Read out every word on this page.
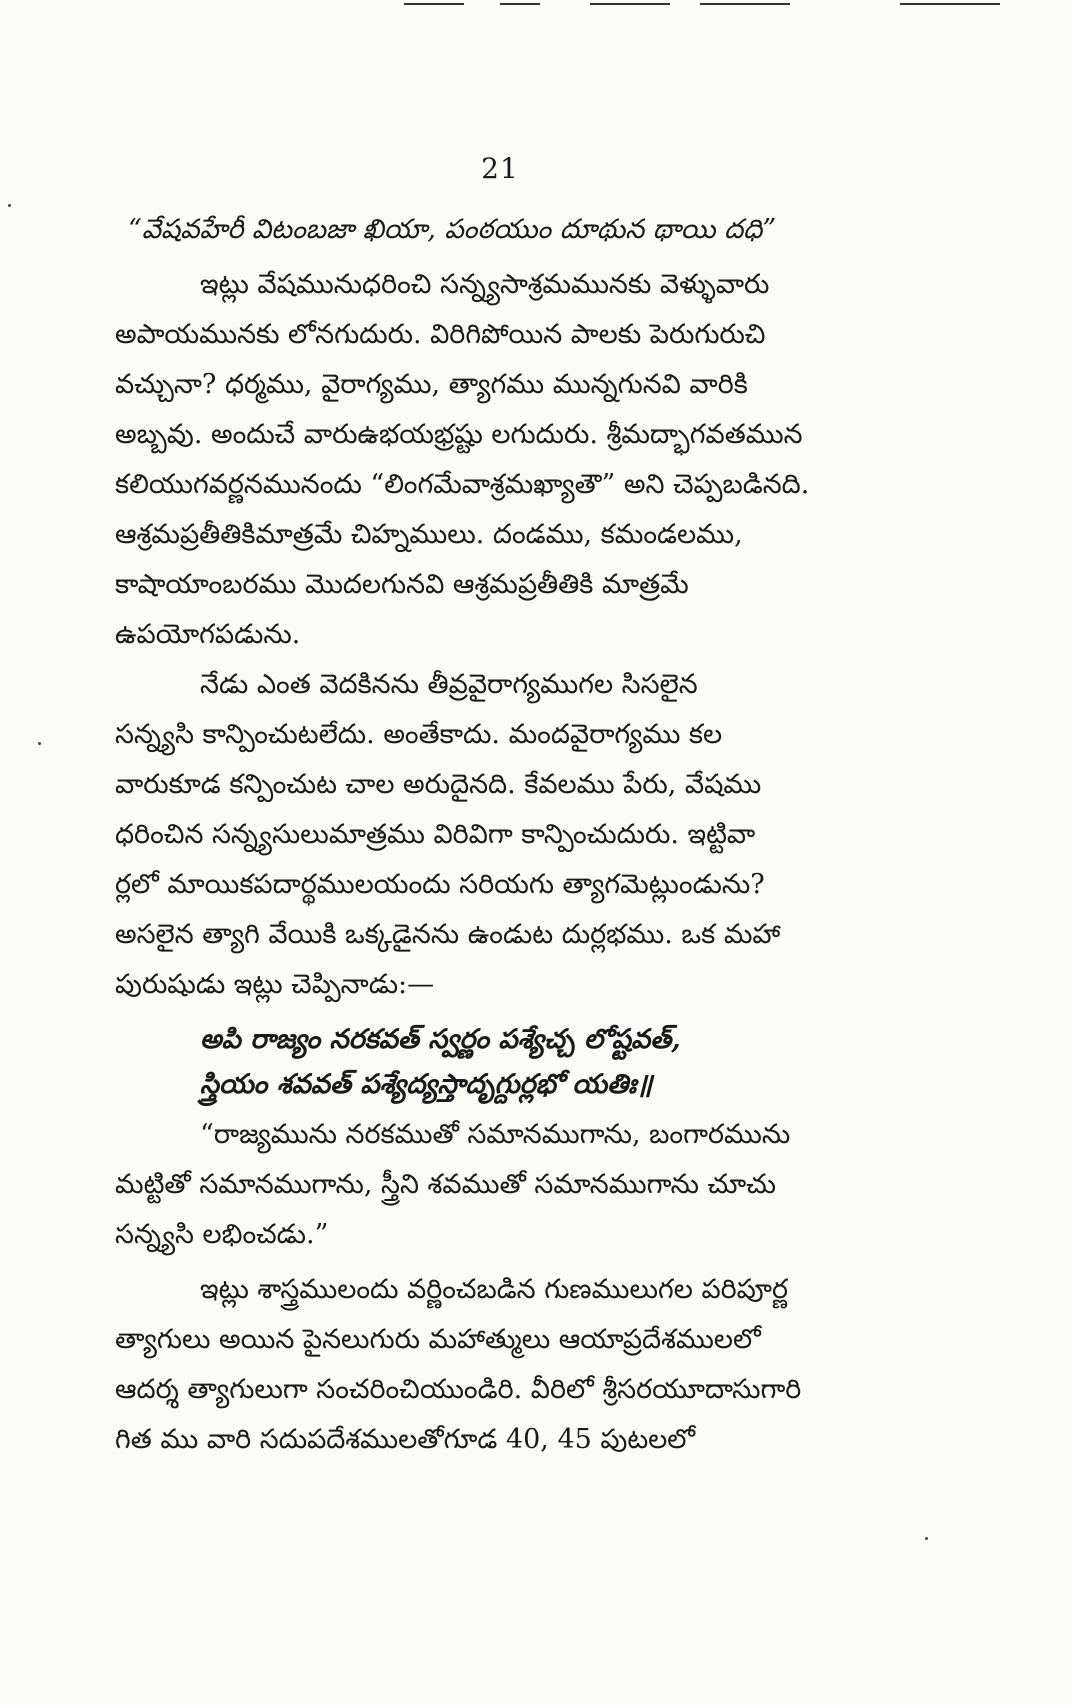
21
“వేషవహేరీ విటంబజా ఖియా, పంఠయుం దూథున థాయి దధి”
ఇట్లు వేషమునుధరించి సన్న్యసాశ్రమమునకు వెళ్ళువారు
అపాయమునకు లోనగుదురు. విరిగిపోయిన పాలకు పెరుగురుచి
వచ్చునా? ధర్మము, వైరాగ్యము, త్యాగము మున్నగునవి వారికి
అబ్బవు. అందుచే వారుఉభయభ్రష్టు లగుదురు. శ్రీమద్భాగవతమున
కలియుగవర్ణనమునందు “లింగమేవాశ్రమఖ్యాతౌ” అని చెప్పబడినది.
ఆశ్రమప్రతీతికిమాత్రమే చిహ్నములు. దండము, కమండలము,
కాషాయాంబరము మొదలగునవి ఆశ్రమప్రతీతికి మాత్రమే
ఉపయోగపడును.
నేడు ఎంత వెదకినను తీవ్రవైరాగ్యముగల సిసలైన
సన్న్యసి కాన్పించుటలేదు. అంతేకాదు. మందవైరాగ్యము కల
వారుకూడ కన్పించుట చాల అరుదైనది. కేవలము పేరు, వేషము
ధరించిన సన్న్యసులుమాత్రము విరివిగా కాన్పించుదురు. ఇట్టివా
ర్లలో మాయికపదార్థములయందు సరియగు త్యాగమెట్లుండును?
అసలైన త్యాగి వేయికి ఒక్కడైనను ఉండుట దుర్లభము. ఒక మహా
పురుషుడు ఇట్లు చెప్పినాడు:—
అపి రాజ్యం నరకవత్ స్వర్ణం పశ్యేచ్చ లోష్టవత్,
స్త్రియం శవవత్ పశ్యేద్యస్తాదృగ్దుర్లభో యతిః॥
“రాజ్యమును నరకముతో సమానముగాను, బంగారమును
మట్టితో సమానముగాను, స్త్రీని శవముతో సమానముగాను చూచు
సన్న్యసి లభించడు.”
ఇట్లు శాస్త్రములందు వర్ణించబడిన గుణములుగల పరిపూర్ణ
త్యాగులు అయిన పైనలుగురు మహాత్ములు ఆయాప్రదేశములలో
ఆదర్శ త్యాగులుగా సంచరించియుండిరి. వీరిలో శ్రీసరయూదాసుగారి
గిత ము వారి సదుపదేశములతోగూడ 40, 45 పుటలలో
